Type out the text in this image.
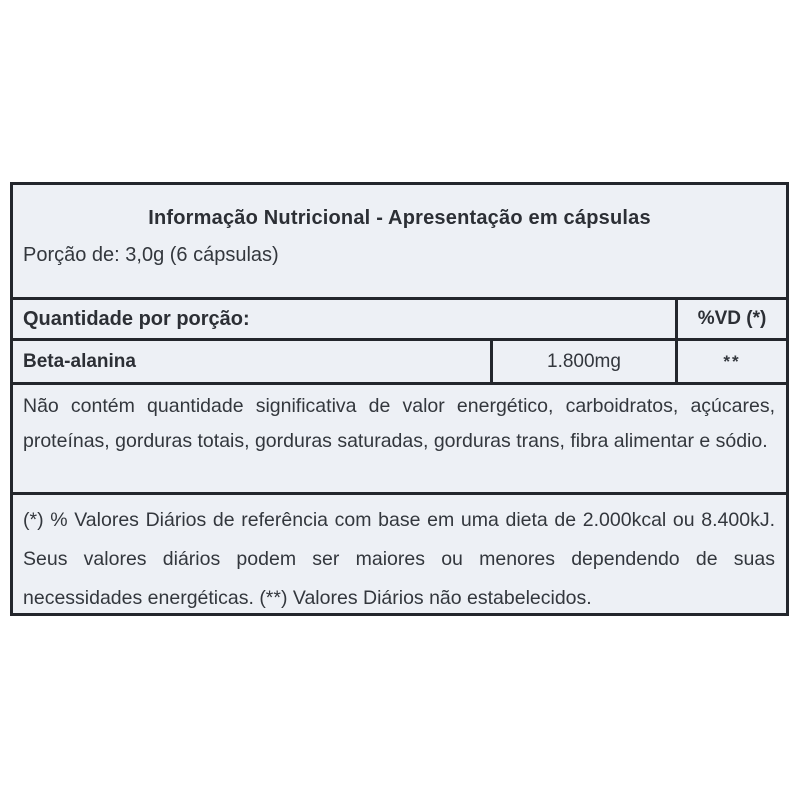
Informação Nutricional - Apresentação em cápsulas
Porção de: 3,0g (6 cápsulas)
Quantidade por porção:	%VD (*)
Beta-alanina	1.800mg	**
Não contém quantidade significativa de valor energético, carboidratos, açúcares, proteínas, gorduras totais, gorduras saturadas, gorduras trans, fibra alimentar e sódio.
(*) % Valores Diários de referência com base em uma dieta de 2.000kcal ou 8.400kJ. Seus valores diários podem ser maiores ou menores dependendo de suas necessidades energéticas. (**) Valores Diários não estabelecidos.
